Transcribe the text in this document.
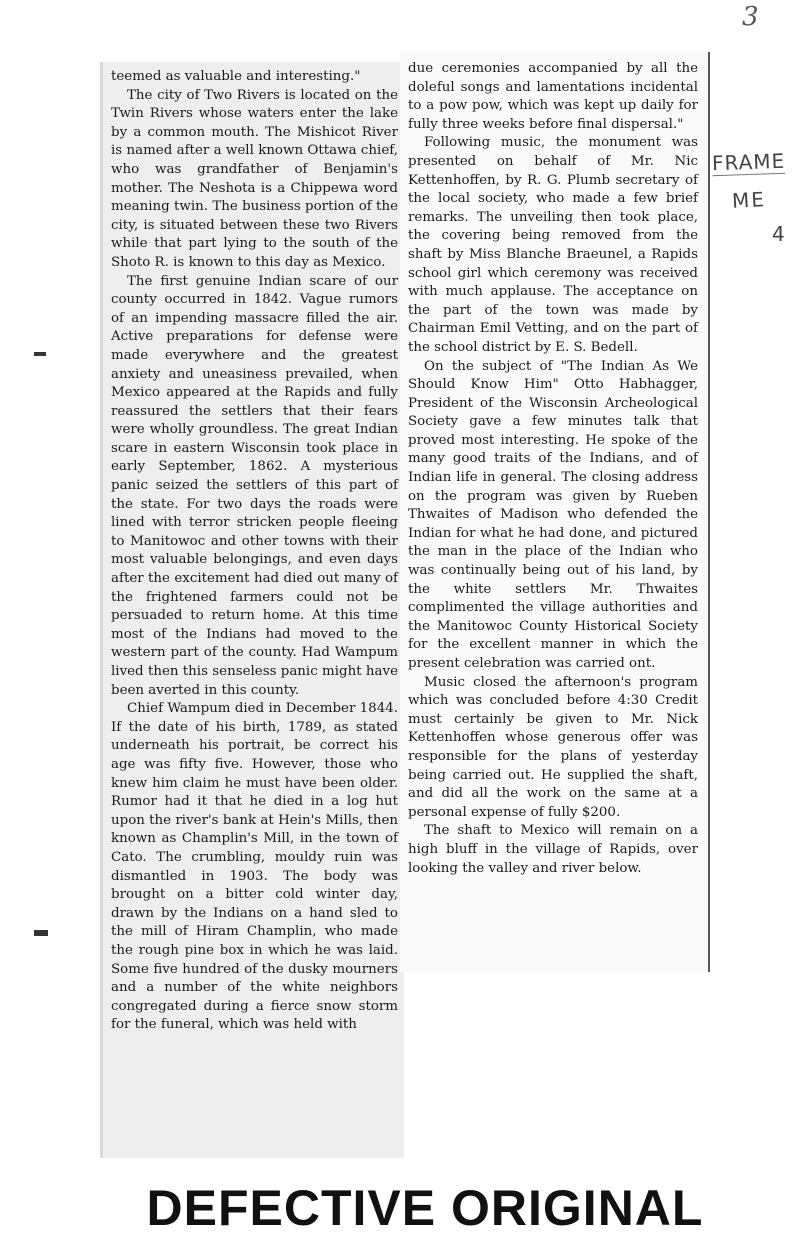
3

teemed as valuable and interesting."

The city of Two Rivers is located on the Twin Rivers whose waters enter the lake by a common mouth. The Mishicot River is named after a well known Ottawa chief, who was grandfather of Benjamin's mother. The Neshota is a Chippewa word meaning twin. The business portion of the city, is situated between these two Rivers while that part lying to the south of the Shoto R. is known to this day as Mexico.

The first genuine Indian scare of our county occurred in 1842. Vague rumors of an impending massacre filled the air. Active preparations for defense were made everywhere and the greatest anxiety and uneasiness prevailed, when Mexico appeared at the Rapids and fully reassured the settlers that their fears were wholly groundless. The great Indian scare in eastern Wisconsin took place in early September, 1862. A mysterious panic seized the settlers of this part of the state. For two days the roads were lined with terror stricken people fleeing to Manitowoc and other towns with their most valuable belongings, and even days after the excitement had died out many of the frightened farmers could not be persuaded to return home. At this time most of the Indians had moved to the western part of the county. Had Wampum lived then this senseless panic might have been averted in this county.

Chief Wampum died in December 1844. If the date of his birth, 1789, as stated underneath his portrait, be correct his age was fifty five. However, those who knew him claim he must have been older. Rumor had it that he died in a log hut upon the river's bank at Hein's Mills, then known as Champlin's Mill, in the town of Cato. The crumbling, mouldy ruin was dismantled in 1903. The body was brought on a bitter cold winter day, drawn by the Indians on a hand sled to the mill of Hiram Champlin, who made the rough pine box in which he was laid. Some five hundred of the dusky mourners and a number of the white neighbors congregated during a fierce snow storm for the funeral, which was held with

due ceremonies accompanied by all the doleful songs and lamentations incidental to a pow pow, which was kept up daily for fully three weeks before final dispersal."

Following music, the monument was presented on behalf of Mr. Nic Kettenhoffen, by R. G. Plumb secretary of the local society, who made a few brief remarks. The unveiling then took place, the covering being removed from the shaft by Miss Blanche Braeunel, a Rapids school girl which ceremony was received with much applause. The acceptance on the part of the town was made by Chairman Emil Vetting, and on the part of the school district by E. S. Bedell.

On the subject of "The Indian As We Should Know Him" Otto Habhagger, President of the Wisconsin Archeological Society gave a few minutes talk that proved most interesting. He spoke of the many good traits of the Indians, and of Indian life in general. The closing address on the program was given by Rueben Thwaites of Madison who defended the Indian for what he had done, and pictured the man in the place of the Indian who was continually being out of his land, by the white settlers Mr. Thwaites complimented the village authorities and the Manitowoc County Historical Society for the excellent manner in which the present celebration was carried ont.

Music closed the afternoon's program which was concluded before 4:30 Credit must certainly be given to Mr. Nick Kettenhoffen whose generous offer was responsible for the plans of yesterday being carried out. He supplied the shaft, and did all the work on the same at a personal expense of fully $200.

The shaft to Mexico will remain on a high bluff in the village of Rapids, over looking the valley and river below.

FRAME
ME
4
DEFECTIVE ORIGINAL
